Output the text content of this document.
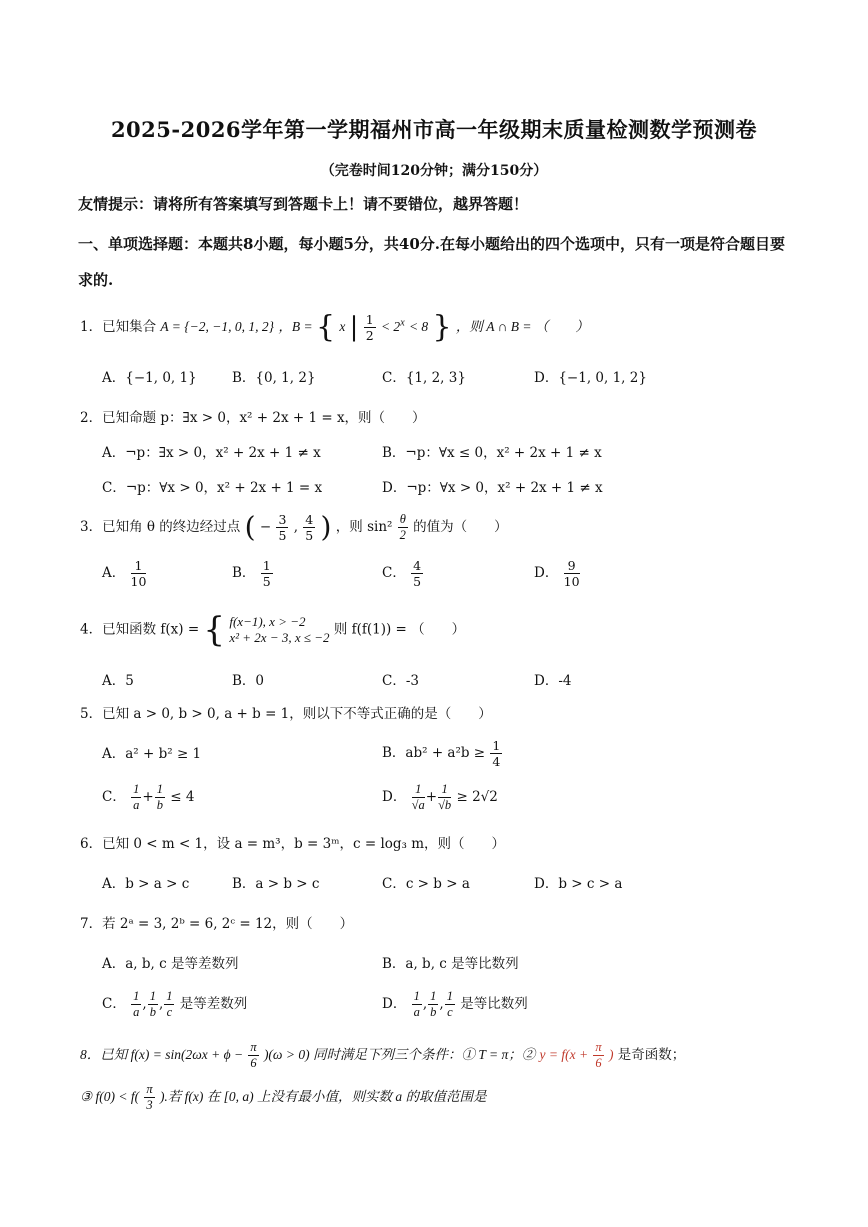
2025-2026学年第一学期福州市高一年级期末质量检测数学预测卷
（完卷时间120分钟；满分150分）
友情提示：请将所有答案填写到答题卡上！请不要错位，越界答题！
一、单项选择题：本题共8小题，每小题5分，共40分.在每小题给出的四个选项中，只有一项是符合题目要求的.
1．已知集合 A = {−2, −1, 0, 1, 2} ，B = { x | $\frac{1}{2} < 2^x < 8$ } ，则 A ∩ B = （　　）
A．{−1, 0, 1}	B．{0, 1, 2}	C．{1, 2, 3}	D．{−1, 0, 1, 2}
2．已知命题 p：∃x > 0，x² + 2x + 1 = x，则（　　）
A．¬p：∃x > 0，x² + 2x + 1 ≠ x	B．¬p：∀x ≤ 0，x² + 2x + 1 ≠ x
C．¬p：∀x > 0，x² + 2x + 1 = x	D．¬p：∀x > 0，x² + 2x + 1 ≠ x
3．已知角 θ 的终边经过点 ( − $\frac{3}{5}$ , $\frac{4}{5}$ ) ，则 $\sin^2 \frac{\theta}{2}$ 的值为（　　）
A． $\frac{1}{10}$	B． $\frac{1}{5}$	C． $\frac{4}{5}$	D． $\frac{9}{10}$
4．已知函数 f(x) = { f(x−1), x > −2
x² + 2x − 3, x ≤ −2 则 f(f(1)) = （　　）
A．5	B．0	C．-3	D．-4
5．已知 a > 0, b > 0, a + b = 1，则以下不等式正确的是（　　）
A．a² + b² ≥ 1	B．$ab^2 + a^2b \ge \frac{1}{4}$
C． $\frac{1}{a} + \frac{1}{b} \le 4$	D． $\frac{1}{√a} + \frac{1}{√b} \ge 2√2$
6．已知 0 < m < 1，设 a = m³，b = 3ᵐ，c = log₃ m，则（　　）
A．b > a > c	B．a > b > c	C．c > b > a	D．b > c > a
7．若 2ᵃ = 3, 2ᵇ = 6, 2ᶜ = 12，则（　　）
A．a, b, c 是等差数列	B．a, b, c 是等比数列
C． $\frac{1}{a}$ , $\frac{1}{b}$ , $\frac{1}{c}$ 是等差数列	D． $\frac{1}{a}$ , $\frac{1}{b}$ , $\frac{1}{c}$ 是等比数列
8．已知 $f(x) = \sin(2\omega x + \phi - \frac{\pi}{6} )(\omega > 0)$ 同时满足下列三个条件：① T = π；② $y = f(x + \frac{\pi}{6}$ ) 是奇函数；
③ $f(0) < f( \frac{\pi}{3}$ ).若 f(x) 在 [0, a) 上没有最小值，则实数 a 的取值范围是
